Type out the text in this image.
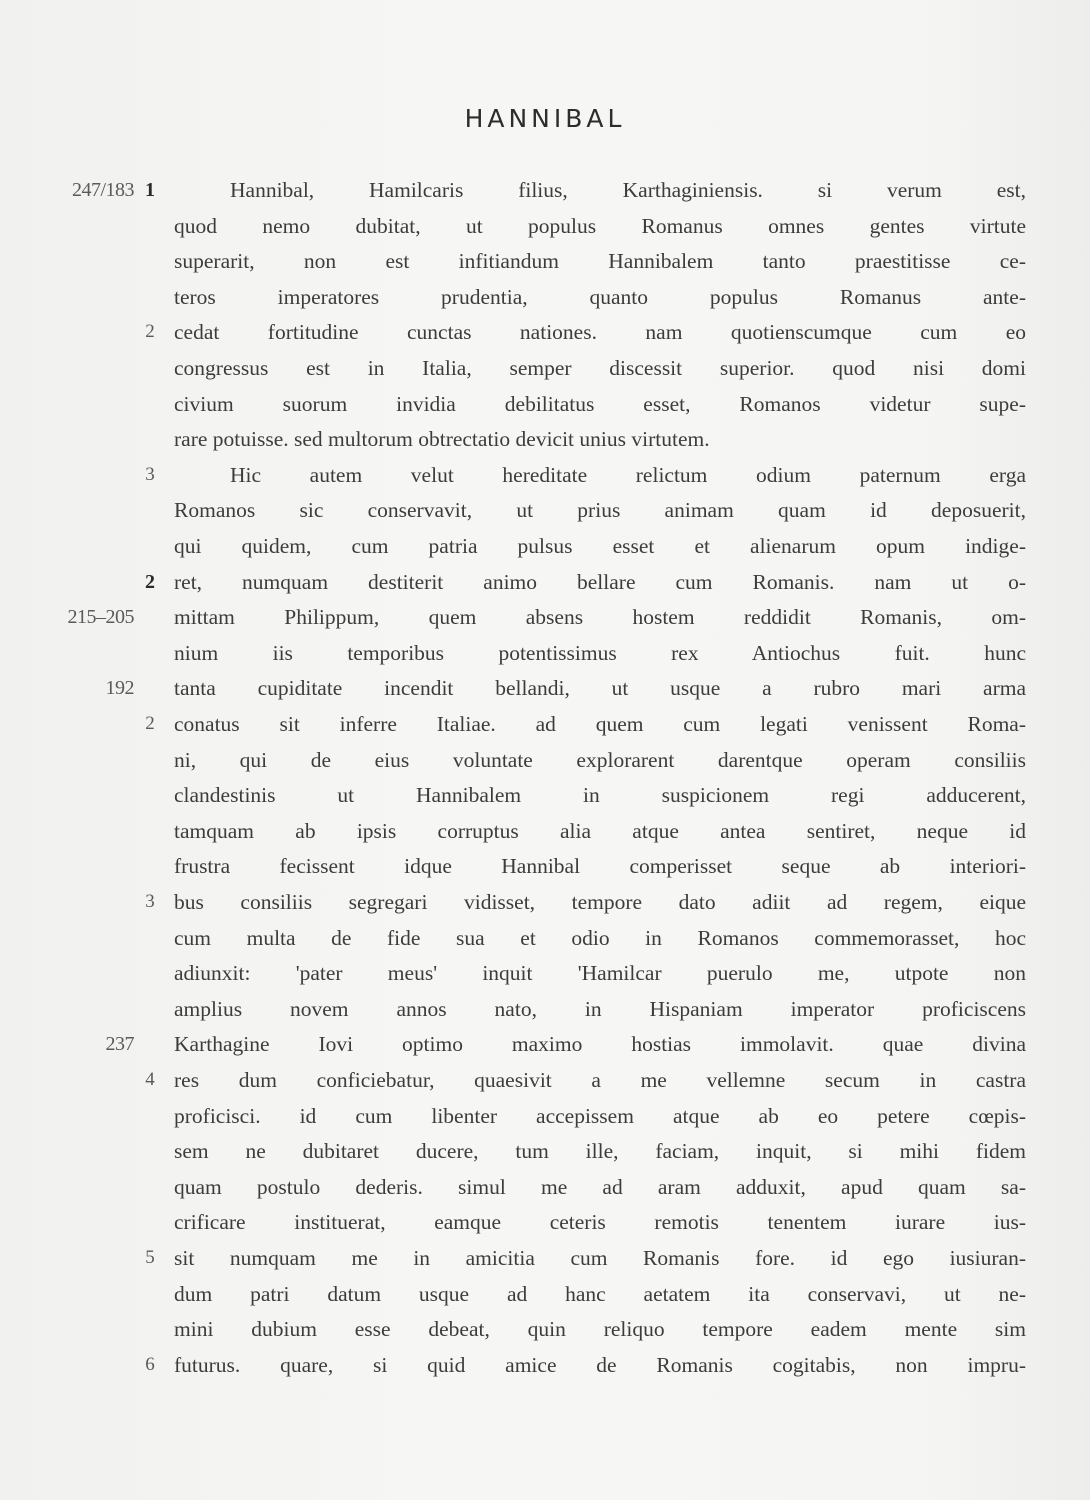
HANNIBAL
247/183 1	Hannibal, Hamilcaris filius, Karthaginiensis. si verum est,
quod nemo dubitat, ut populus Romanus omnes gentes virtute
superarit, non est infitiandum Hannibalem tanto praestitisse ce-
teros imperatores prudentia, quanto populus Romanus ante-
2 cedat fortitudine cunctas nationes. nam quotienscumque cum eo
congressus est in Italia, semper discessit superior. quod nisi domi
civium suorum invidia debilitatus esset, Romanos videtur supe-
rare potuisse. sed multorum obtrectatio devicit unius virtutem.
3	Hic autem velut hereditate relictum odium paternum erga
Romanos sic conservavit, ut prius animam quam id deposuerit,
qui quidem, cum patria pulsus esset et alienarum opum indige-
2 ret, numquam destiterit animo bellare cum Romanis. nam ut o-
215–205 mittam Philippum, quem absens hostem reddidit Romanis, om-
nium iis temporibus potentissimus rex Antiochus fuit. hunc
192 tanta cupiditate incendit bellandi, ut usque a rubro mari arma
2 conatus sit inferre Italiae. ad quem cum legati venissent Roma-
ni, qui de eius voluntate explorarent darentque operam consiliis
clandestinis ut Hannibalem in suspicionem regi adducerent,
tamquam ab ipsis corruptus alia atque antea sentiret, neque id
frustra fecissent idque Hannibal comperisset seque ab interiori-
3 bus consiliis segregari vidisset, tempore dato adiit ad regem, eique
cum multa de fide sua et odio in Romanos commemorasset, hoc
adiunxit: 'pater meus' inquit 'Hamilcar puerulo me, utpote non
amplius novem annos nato, in Hispaniam imperator proficiscens
237 Karthagine Iovi optimo maximo hostias immolavit. quae divina
4 res dum conficiebatur, quaesivit a me vellemne secum in castra
proficisci. id cum libenter accepissem atque ab eo petere cœpis-
sem ne dubitaret ducere, tum ille, faciam, inquit, si mihi fidem
quam postulo dederis. simul me ad aram adduxit, apud quam sa-
crificare instituerat, eamque ceteris remotis tenentem iurare ius-
5 sit numquam me in amicitia cum Romanis fore. id ego iusiuran-
dum patri datum usque ad hanc aetatem ita conservavi, ut ne-
mini dubium esse debeat, quin reliquo tempore eadem mente sim
6 futurus. quare, si quid amice de Romanis cogitabis, non impru-
